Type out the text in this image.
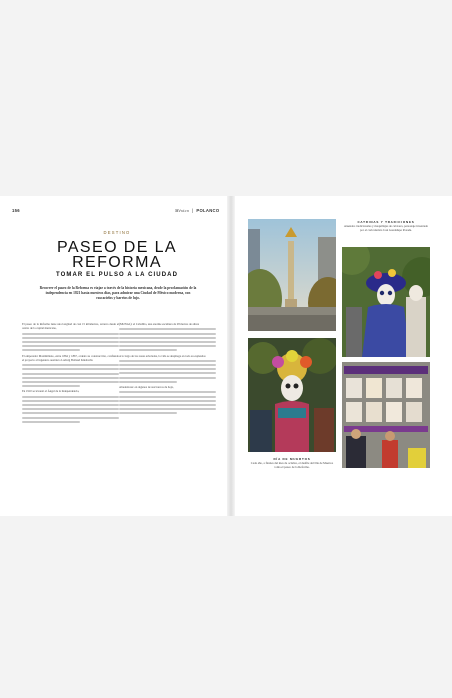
156	México  |  POLANCO
DESTINO
PASEO DE LA REFORMA
TOMAR EL PULSO A LA CIUDAD
Recorrer el paseo de la Reforma es viajar a través de la historia mexicana, desde la proclamación de la independencia en 1821 hasta nuestros días, para admirar una Ciudad de México moderna, con rascacielos y barrios de lujo.

El paseo de la Reforma tiene una longitud de casi 15 kilómetros, arranca desde el centro de la capital mexicana,

El emperador Maximiliano, entre 1864 y 1867, ordenó su construcción, confiando el proyecto al ingeniero austriaco Ludwig Bolland Kindrachi.

En 1910 se levantó el Ángel de la Independencia,

(MUNAL): el Caballito, una enorme escultura de 28 metros de altura

A lo largo de las zonas arboladas, la vida se despliega en todo su esplendor.

Alrededores: en algunos de sus bancos de hoja,

CATRINAS Y TRADICIONES
Atuendos tradicionales y maquillajes de calavera, personaje inventado por el caricaturista José Guadalupe Posada.
DÍA DE MUERTOS
Cada año, a finales del mes de octubre, el desfile del Día de Muertos toma el paseo de la Reforma.
